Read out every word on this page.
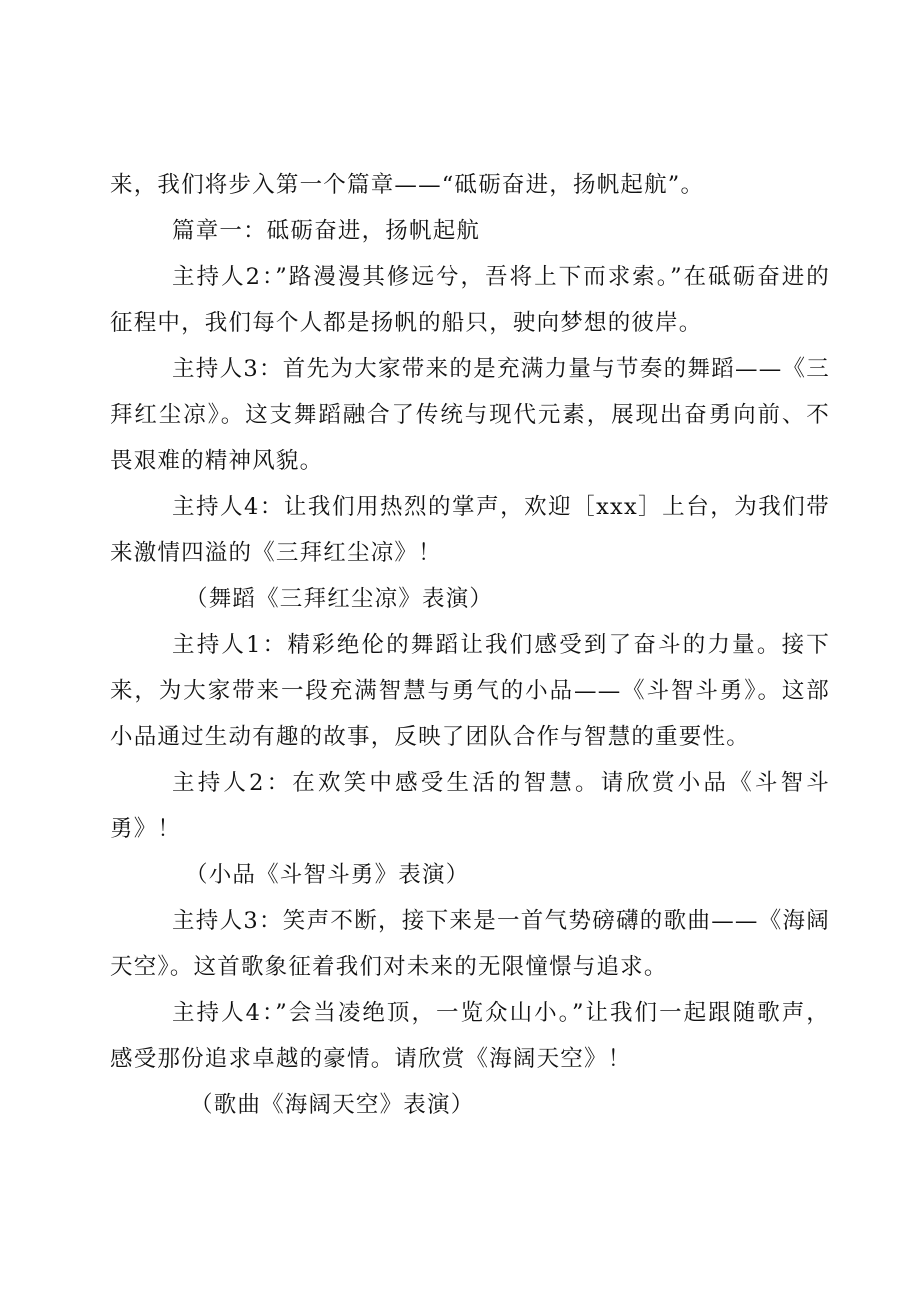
来，我们将步入第一个篇章——“砥砺奋进，扬帆起航”。

篇章一：砥砺奋进，扬帆起航

主持人2：”路漫漫其修远兮，吾将上下而求索。”在砥砺奋进的征程中，我们每个人都是扬帆的船只，驶向梦想的彼岸。

主持人3：首先为大家带来的是充满力量与节奏的舞蹈——《三拜红尘凉》。这支舞蹈融合了传统与现代元素，展现出奋勇向前、不畏艰难的精神风貌。

主持人4：让我们用热烈的掌声，欢迎［xxx］上台，为我们带来激情四溢的《三拜红尘凉》！

（舞蹈《三拜红尘凉》表演）

主持人1：精彩绝伦的舞蹈让我们感受到了奋斗的力量。接下来，为大家带来一段充满智慧与勇气的小品——《斗智斗勇》。这部小品通过生动有趣的故事，反映了团队合作与智慧的重要性。

主持人2：在欢笑中感受生活的智慧。请欣赏小品《斗智斗勇》！

（小品《斗智斗勇》表演）

主持人3：笑声不断，接下来是一首气势磅礴的歌曲——《海阔天空》。这首歌象征着我们对未来的无限憧憬与追求。

主持人4：”会当凌绝顶，一览众山小。”让我们一起跟随歌声，感受那份追求卓越的豪情。请欣赏《海阔天空》！

（歌曲《海阔天空》表演）
